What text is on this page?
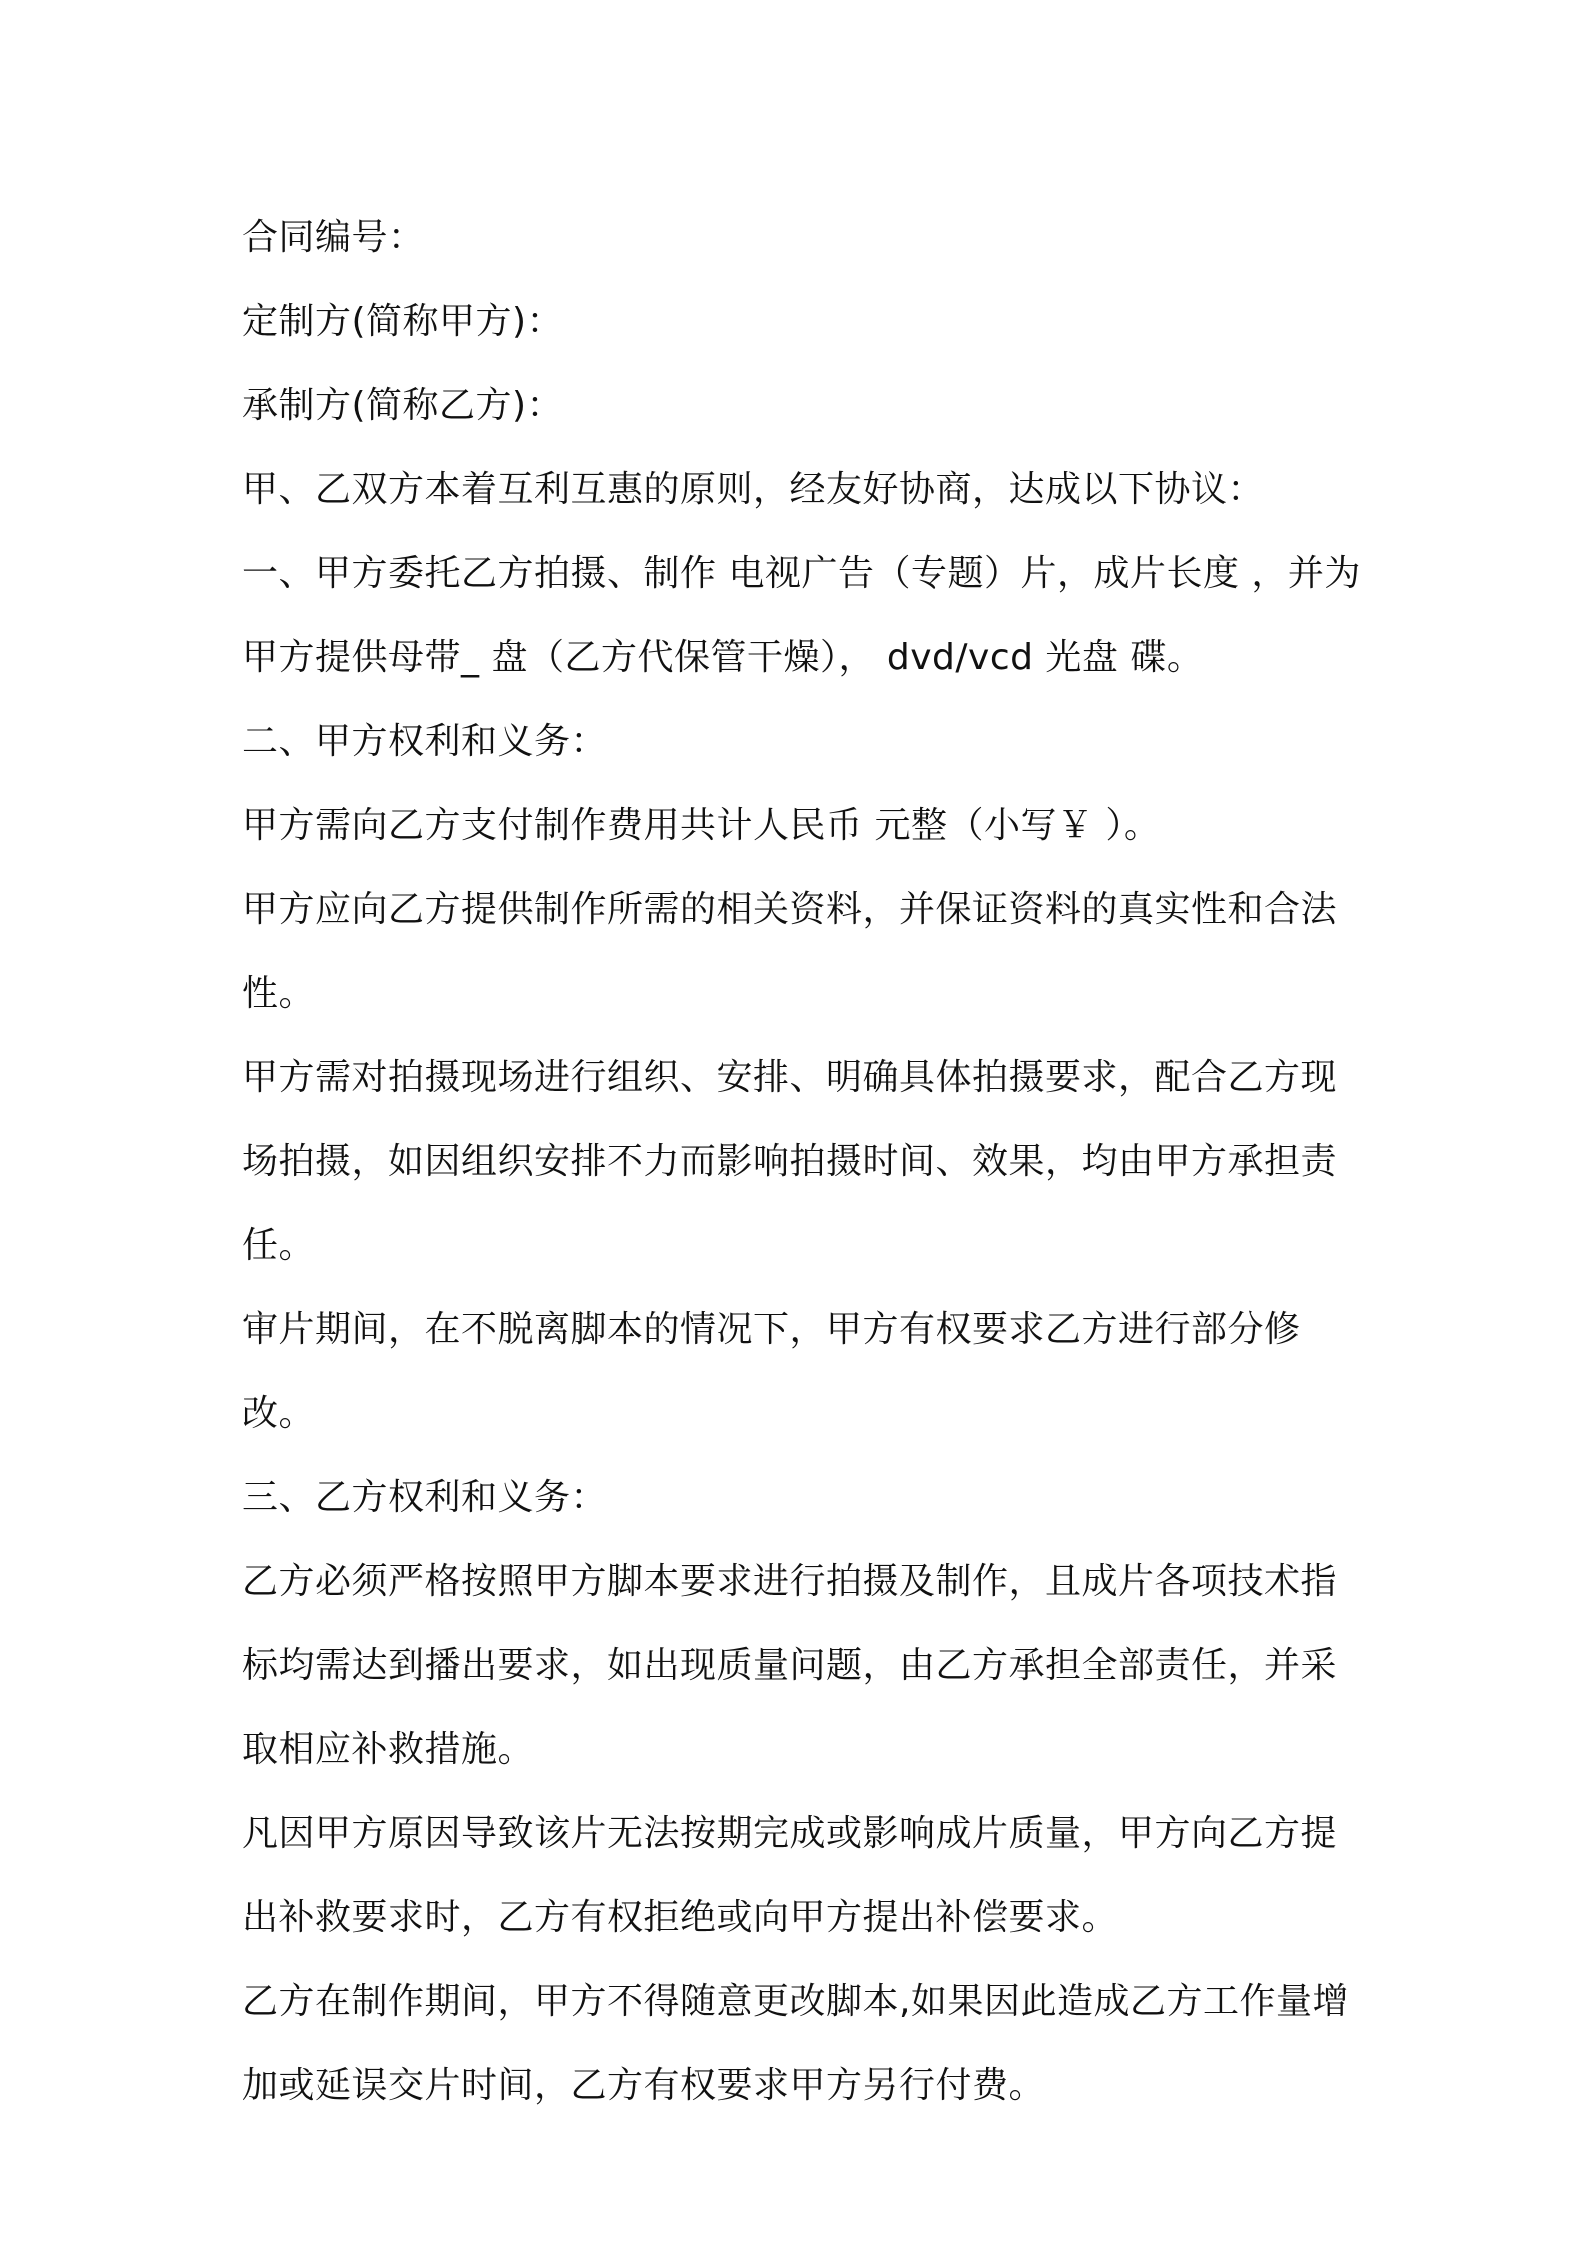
合同编号：

定制方(简称甲方)：

承制方(简称乙方)：

甲、乙双方本着互利互惠的原则，经友好协商，达成以下协议：

一、甲方委托乙方拍摄、制作 电视广告（专题）片，成片长度 ，并为甲方提供母带_ 盘（乙方代保管干燥）， dvd/vcd 光盘 碟。

二、甲方权利和义务：

甲方需向乙方支付制作费用共计人民币 元整（小写￥ ）。

甲方应向乙方提供制作所需的相关资料，并保证资料的真实性和合法性。

甲方需对拍摄现场进行组织、安排、明确具体拍摄要求，配合乙方现场拍摄，如因组织安排不力而影响拍摄时间、效果，均由甲方承担责任。

审片期间，在不脱离脚本的情况下，甲方有权要求乙方进行部分修改。

三、乙方权利和义务：

乙方必须严格按照甲方脚本要求进行拍摄及制作，且成片各项技术指标均需达到播出要求，如出现质量问题，由乙方承担全部责任，并采取相应补救措施。

凡因甲方原因导致该片无法按期完成或影响成片质量，甲方向乙方提出补救要求时，乙方有权拒绝或向甲方提出补偿要求。

乙方在制作期间，甲方不得随意更改脚本,如果因此造成乙方工作量增加或延误交片时间，乙方有权要求甲方另行付费。
